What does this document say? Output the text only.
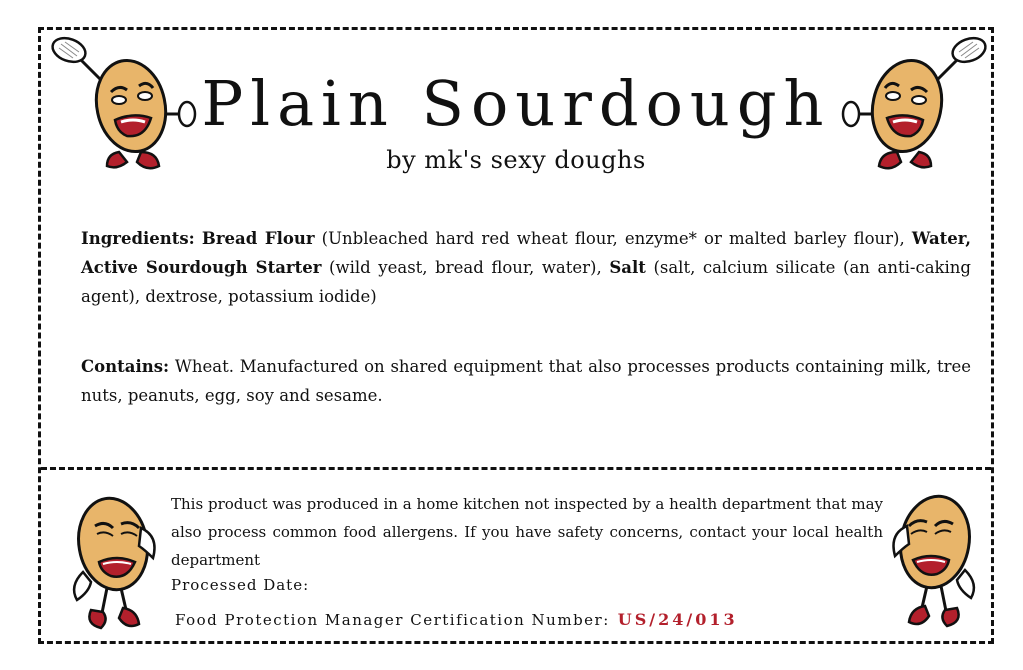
Plain Sourdough
by mk's sexy doughs
Ingredients: Bread Flour (Unbleached hard red wheat flour, enzyme* or malted barley flour), Water, Active Sourdough Starter (wild yeast, bread flour, water), Salt (salt, calcium silicate (an anti-caking agent), dextrose, potassium iodide)
Contains: Wheat. Manufactured on shared equipment that also processes products containing milk, tree nuts, peanuts, egg, soy and sesame.
This product was produced in a home kitchen not inspected by a health department that may also process common food allergens. If you have safety concerns, contact your local health department
Processed Date:
Food Protection Manager Certification Number: US/24/013
